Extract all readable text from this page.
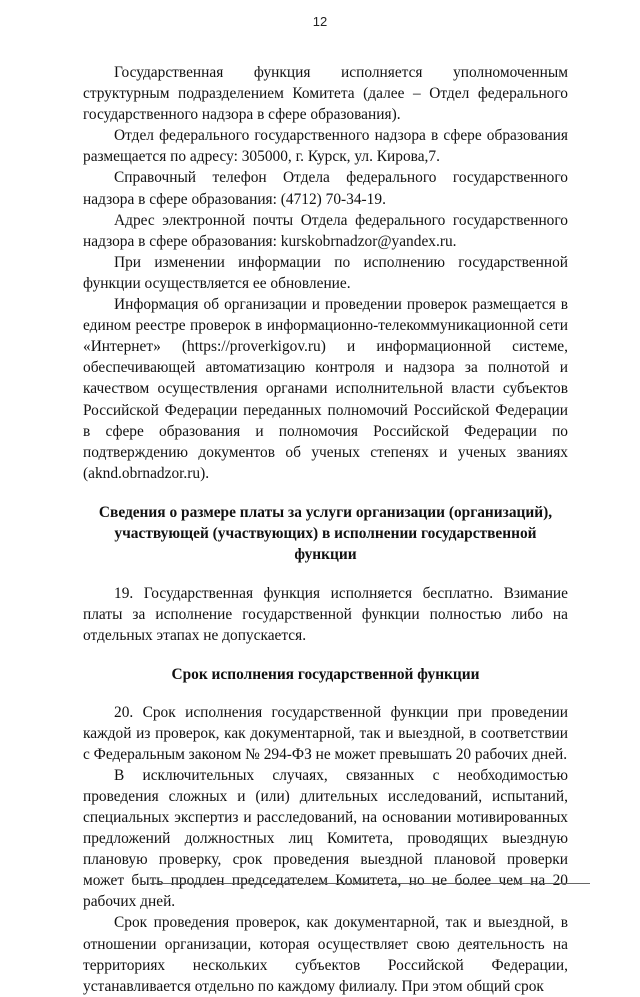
12

Государственная функция исполняется уполномоченным структурным подразделением Комитета (далее – Отдел федерального государственного надзора в сфере образования).

Отдел федерального государственного надзора в сфере образования размещается по адресу: 305000, г. Курск, ул. Кирова,7.

Справочный телефон Отдела федерального государственного надзора в сфере образования: (4712) 70-34-19.

Адрес электронной почты Отдела федерального государственного надзора в сфере образования: kurskobrnadzor@yandex.ru.

При изменении информации по исполнению государственной функции осуществляется ее обновление.

Информация об организации и проведении проверок размещается в едином реестре проверок в информационно-телекоммуникационной сети «Интернет» (https://proverkigov.ru) и информационной системе, обеспечивающей автоматизацию контроля и надзора за полнотой и качеством осуществления органами исполнительной власти субъектов Российской Федерации переданных полномочий Российской Федерации в сфере образования и полномочия Российской Федерации по подтверждению документов об ученых степенях и ученых званиях (aknd.obrnadzor.ru).

Сведения о размере платы за услуги организации (организаций), участвующей (участвующих) в исполнении государственной функции

19. Государственная функция исполняется бесплатно. Взимание платы за исполнение государственной функции полностью либо на отдельных этапах не допускается.

Срок исполнения государственной функции

20. Срок исполнения государственной функции при проведении каждой из проверок, как документарной, так и выездной, в соответствии с Федеральным законом № 294-ФЗ не может превышать 20 рабочих дней.

В исключительных случаях, связанных с необходимостью проведения сложных и (или) длительных исследований, испытаний, специальных экспертиз и расследований, на основании мотивированных предложений должностных лиц Комитета, проводящих выездную плановую проверку, срок проведения выездной плановой проверки может быть продлен председателем Комитета, но не более чем на 20 рабочих дней.

Срок проведения проверок, как документарной, так и выездной, в отношении организации, которая осуществляет свою деятельность на территориях нескольких субъектов Российской Федерации, устанавливается отдельно по каждому филиалу. При этом общий срок
